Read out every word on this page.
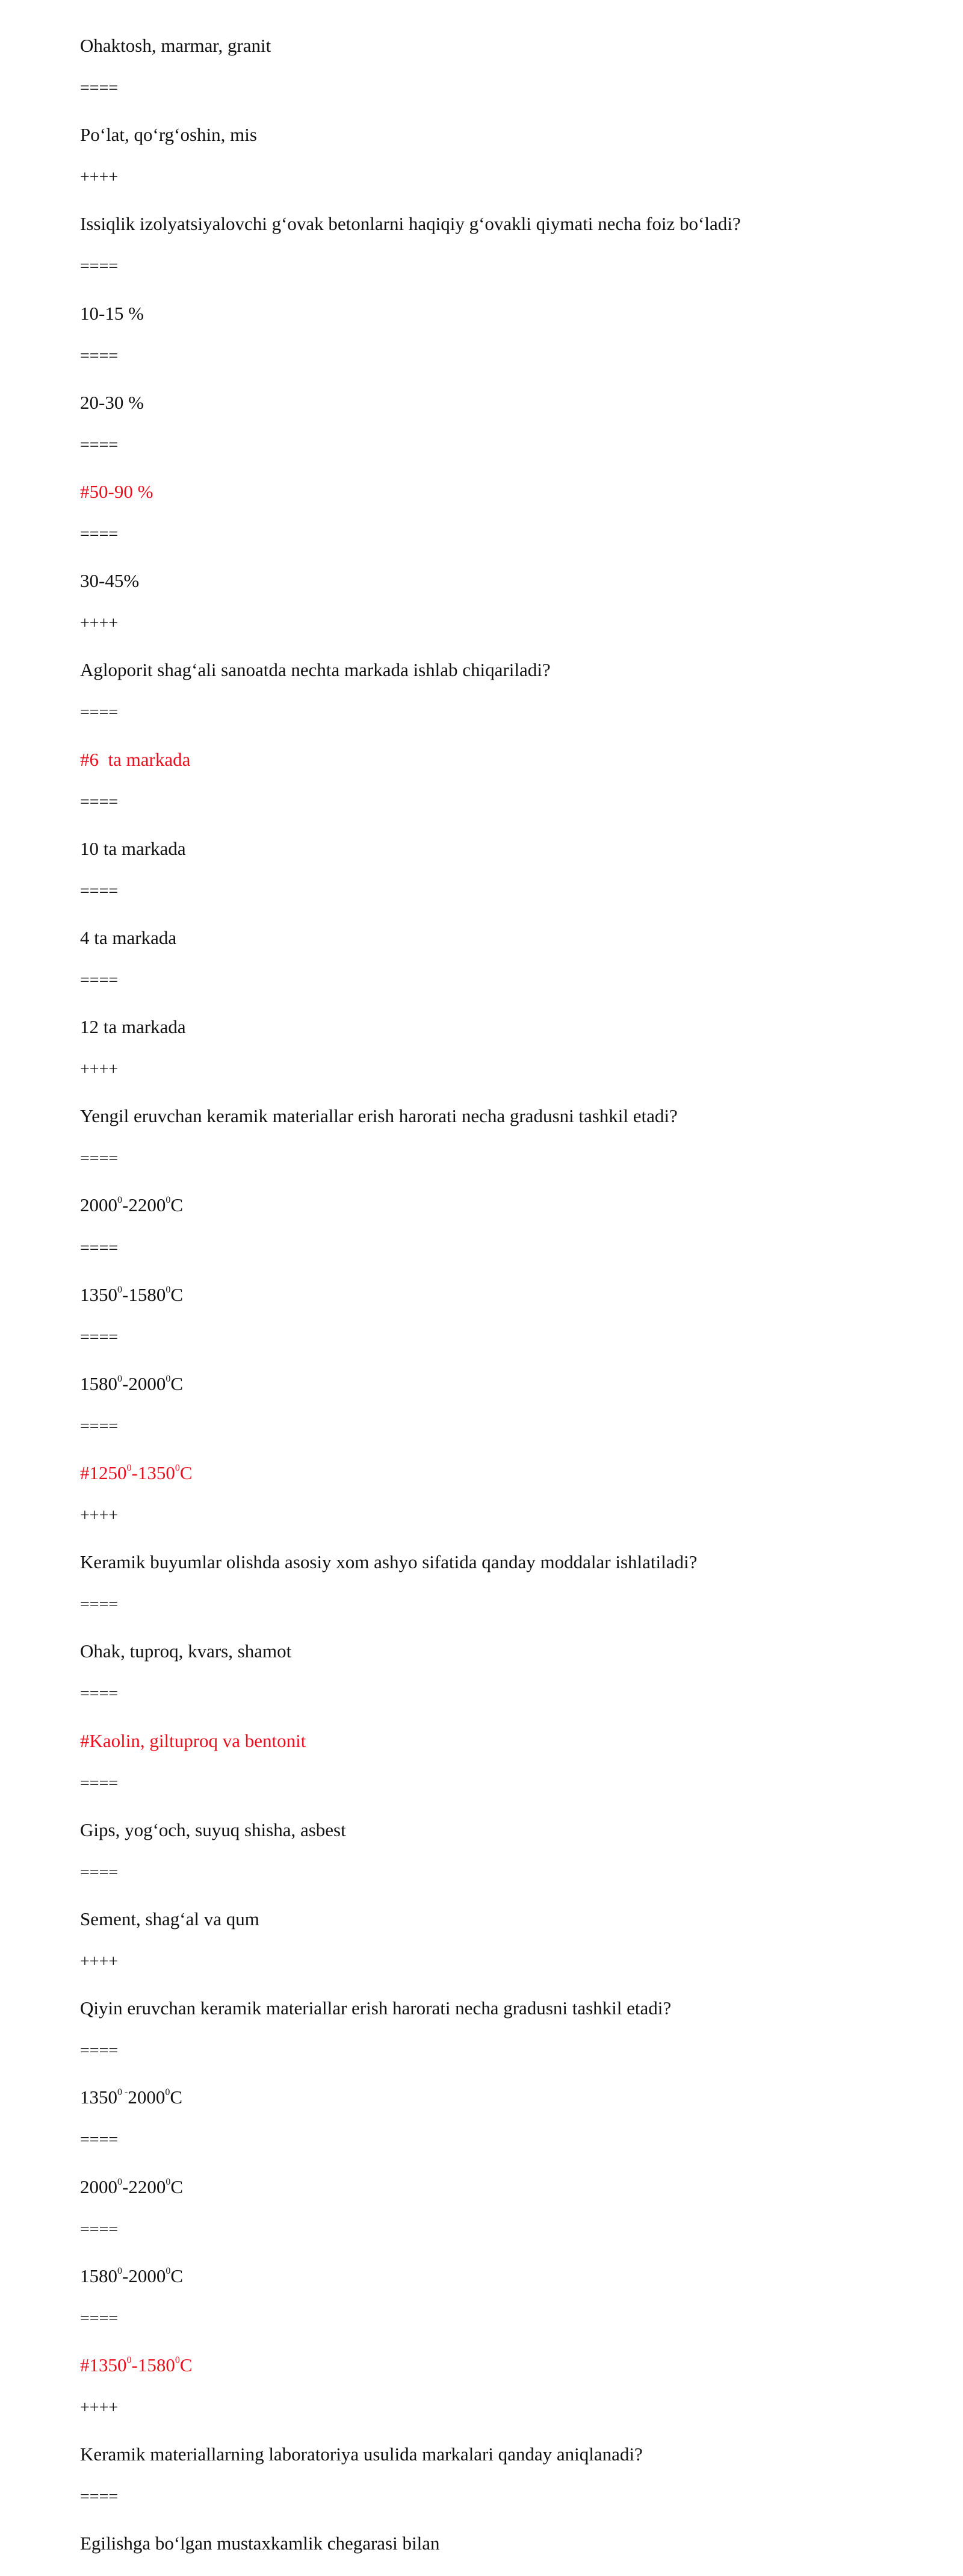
Ohaktosh, marmar, granit
====
Po‘lat, qo‘rg‘oshin, mis
++++
Issiqlik izolyatsiyalovchi g‘ovak betonlarni haqiqiy g‘ovakli qiymati necha foiz bo‘ladi?
====
10-15 %
====
20-30 %
====
#50-90 %
====
30-45%
++++
Agloporit shag‘ali sanoatda nechta markada ishlab chiqariladi?
====
#6  ta markada
====
10 ta markada
====
4 ta markada
====
12 ta markada
++++
Yengil eruvchan keramik materiallar erish harorati necha gradusni tashkil etadi?
====
$2000^0-2200^0C$
====
$1350^0-1580^0C$
====
$1580^0-2000^0C$
====
$\#1250^0-1350^0C$
++++
Keramik buyumlar olishda asosiy xom ashyo sifatida qanday moddalar ishlatiladi?
====
Ohak, tuproq, kvars, shamot
====
#Kaolin, giltuproq va bentonit
====
Gips, yog‘och, suyuq shisha, asbest
====
Sement, shag‘al va qum
++++
Qiyin eruvchan keramik materiallar erish harorati necha gradusni tashkil etadi?
====
$1350^{0 -}2000^0C$
====
$2000^0-2200^0C$
====
$1580^0-2000^0C$
====
$\#1350^0-1580^0C$
++++
Keramik materiallarning laboratoriya usulida markalari qanday aniqlanadi?
====
Egilishga bo‘lgan mustaxkamlik chegarasi bilan
